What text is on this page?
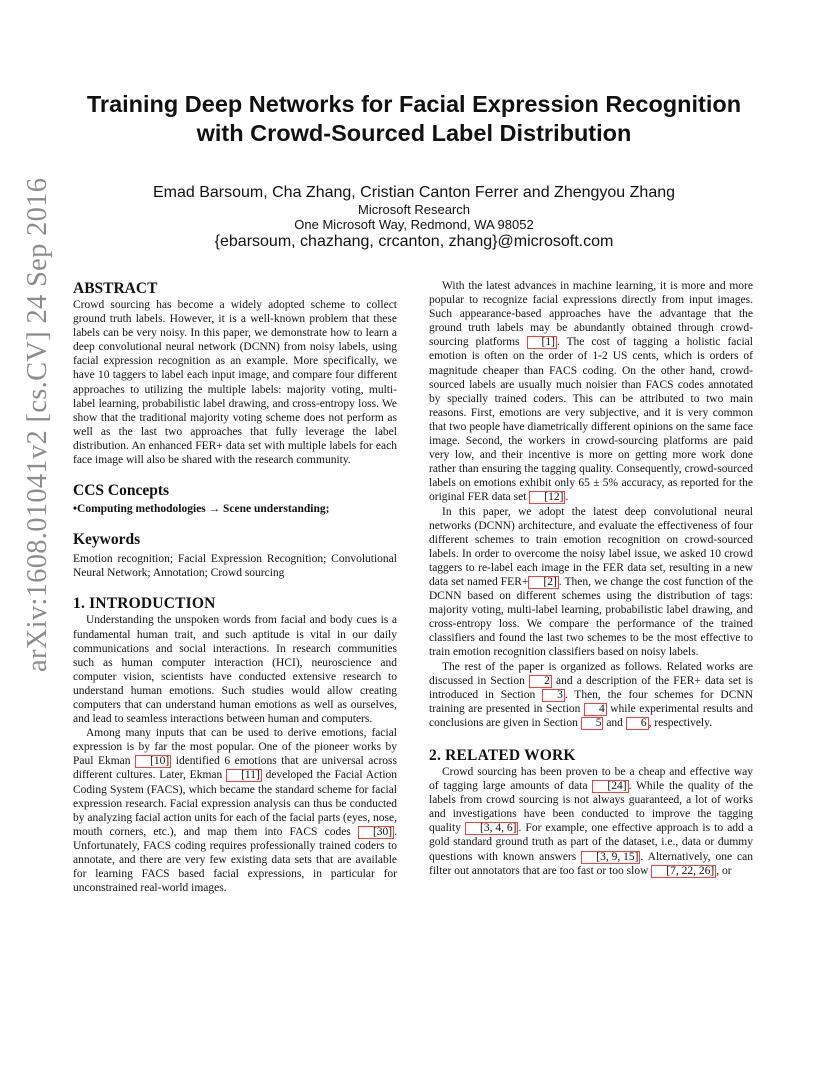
arXiv:1608.01041v2 [cs.CV] 24 Sep 2016
Training Deep Networks for Facial Expression Recognition
with Crowd-Sourced Label Distribution
Emad Barsoum, Cha Zhang, Cristian Canton Ferrer and Zhengyou Zhang
Microsoft Research
One Microsoft Way, Redmond, WA 98052
{ebarsoum, chazhang, crcanton, zhang}@microsoft.com
ABSTRACT

Crowd sourcing has become a widely adopted scheme to collect ground truth labels. However, it is a well-known problem that these labels can be very noisy. In this paper, we demonstrate how to learn a deep convolutional neural network (DCNN) from noisy labels, using facial expression recognition as an example. More specifically, we have 10 taggers to label each input image, and compare four different approaches to utilizing the multiple labels: majority voting, multi-label learning, probabilistic label drawing, and cross-entropy loss. We show that the traditional majority voting scheme does not perform as well as the last two approaches that fully leverage the label distribution. An enhanced FER+ data set with multiple labels for each face image will also be shared with the research community.

CCS Concepts

•Computing methodologies → Scene understanding;

Keywords

Emotion recognition; Facial Expression Recognition; Convolutional Neural Network; Annotation; Crowd sourcing

1. INTRODUCTION

Understanding the unspoken words from facial and body cues is a fundamental human trait, and such aptitude is vital in our daily communications and social interactions. In research communities such as human computer interaction (HCI), neuroscience and computer vision, scientists have conducted extensive research to understand human emotions. Such studies would allow creating computers that can understand human emotions as well as ourselves, and lead to seamless interactions between human and computers.

Among many inputs that can be used to derive emotions, facial expression is by far the most popular. One of the pioneer works by Paul Ekman [10] identified 6 emotions that are universal across different cultures. Later, Ekman [11] developed the Facial Action Coding System (FACS), which became the standard scheme for facial expression research. Facial expression analysis can thus be conducted by analyzing facial action units for each of the facial parts (eyes, nose, mouth corners, etc.), and map them into FACS codes [30] . Unfortunately, FACS coding requires professionally trained coders to annotate, and there are very few existing data sets that are available for learning FACS based facial expressions, in particular for unconstrained real-world images.

With the latest advances in machine learning, it is more and more popular to recognize facial expressions directly from input images. Such appearance-based approaches have the advantage that the ground truth labels may be abundantly obtained through crowd-sourcing platforms [1] . The cost of tagging a holistic facial emotion is often on the order of 1-2 US cents, which is orders of magnitude cheaper than FACS coding. On the other hand, crowd-sourced labels are usually much noisier than FACS codes annotated by specially trained coders. This can be attributed to two main reasons. First, emotions are very subjective, and it is very common that two people have diametrically different opinions on the same face image. Second, the workers in crowd-sourcing platforms are paid very low, and their incentive is more on getting more work done rather than ensuring the tagging quality. Consequently, crowd-sourced labels on emotions exhibit only 65 ± 5% accuracy, as reported for the original FER data set [12] .

In this paper, we adopt the latest deep convolutional neural networks (DCNN) architecture, and evaluate the effectiveness of four different schemes to train emotion recognition on crowd-sourced labels. In order to overcome the noisy label issue, we asked 10 crowd taggers to re-label each image in the FER data set, resulting in a new data set named FER+ [2] . Then, we change the cost function of the DCNN based on different schemes using the distribution of tags: majority voting, multi-label learning, probabilistic label drawing, and cross-entropy loss. We compare the performance of the trained classifiers and found the last two schemes to be the most effective to train emotion recognition classifiers based on noisy labels.

The rest of the paper is organized as follows. Related works are discussed in Section 2 and a description of the FER+ data set is introduced in Section 3 . Then, the four schemes for DCNN training are presented in Section 4 while experimental results and conclusions are given in Section 5 and 6 , respectively.

2. RELATED WORK

Crowd sourcing has been proven to be a cheap and effective way of tagging large amounts of data [24] . While the quality of the labels from crowd sourcing is not always guaranteed, a lot of works and investigations have been conducted to improve the tagging quality [3, 4, 6] . For example, one effective approach is to add a gold standard ground truth as part of the dataset, i.e., data or dummy questions with known answers [3, 9, 15] . Alternatively, one can filter out annotators that are too fast or too slow [7, 22, 26] , or
